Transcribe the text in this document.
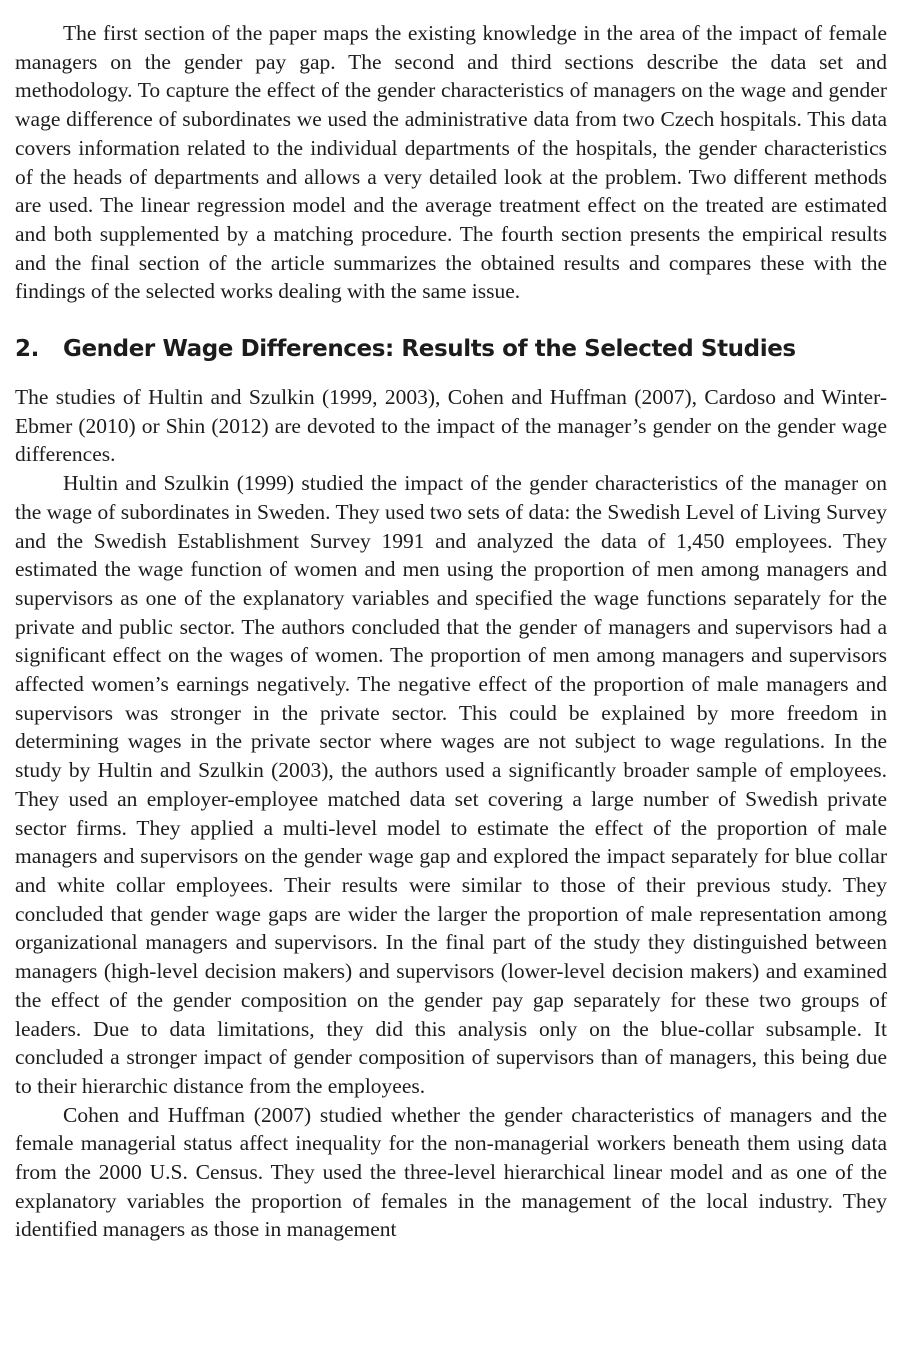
The first section of the paper maps the existing knowledge in the area of the impact of female managers on the gender pay gap. The second and third sections describe the data set and methodology. To capture the effect of the gender characteristics of managers on the wage and gender wage difference of subordinates we used the administrative data from two Czech hospitals. This data covers information related to the individual departments of the hospitals, the gender characteristics of the heads of departments and allows a very detailed look at the problem. Two different methods are used. The linear regression model and the average treatment effect on the treated are estimated and both supplemented by a matching procedure. The fourth section presents the empirical results and the final section of the article summarizes the obtained results and compares these with the findings of the selected works dealing with the same issue.

2.	Gender Wage Differences: Results of the Selected Studies

The studies of Hultin and Szulkin (1999, 2003), Cohen and Huffman (2007), Cardoso and Winter-Ebmer (2010) or Shin (2012) are devoted to the impact of the manager’s gender on the gender wage differences.

Hultin and Szulkin (1999) studied the impact of the gender characteristics of the manager on the wage of subordinates in Sweden. They used two sets of data: the Swedish Level of Living Survey and the Swedish Establishment Survey 1991 and analyzed the data of 1,450 employees. They estimated the wage function of women and men using the proportion of men among managers and supervisors as one of the explanatory variables and specified the wage functions separately for the private and public sector. The authors concluded that the gender of managers and supervisors had a significant effect on the wages of women. The proportion of men among managers and supervisors affected women’s earnings negatively. The negative effect of the proportion of male managers and supervisors was stronger in the private sector. This could be explained by more freedom in determining wages in the private sector where wages are not subject to wage regulations. In the study by Hultin and Szulkin (2003), the authors used a significantly broader sample of employees. They used an employer-employee matched data set covering a large number of Swedish private sector firms. They applied a multi-level model to estimate the effect of the proportion of male managers and supervisors on the gender wage gap and explored the impact separately for blue collar and white collar employees. Their results were similar to those of their previous study. They concluded that gender wage gaps are wider the larger the proportion of male representation among organizational managers and supervisors. In the final part of the study they distinguished between managers (high-level decision makers) and supervisors (lower-level decision makers) and examined the effect of the gender composition on the gender pay gap separately for these two groups of leaders. Due to data limitations, they did this analysis only on the blue-collar subsample. It concluded a stronger impact of gender composition of supervisors than of managers, this being due to their hierarchic distance from the employees.

Cohen and Huffman (2007) studied whether the gender characteristics of managers and the female managerial status affect inequality for the non-managerial workers beneath them using data from the 2000 U.S. Census. They used the three-level hierarchical linear model and as one of the explanatory variables the proportion of females in the management of the local industry. They identified managers as those in management
